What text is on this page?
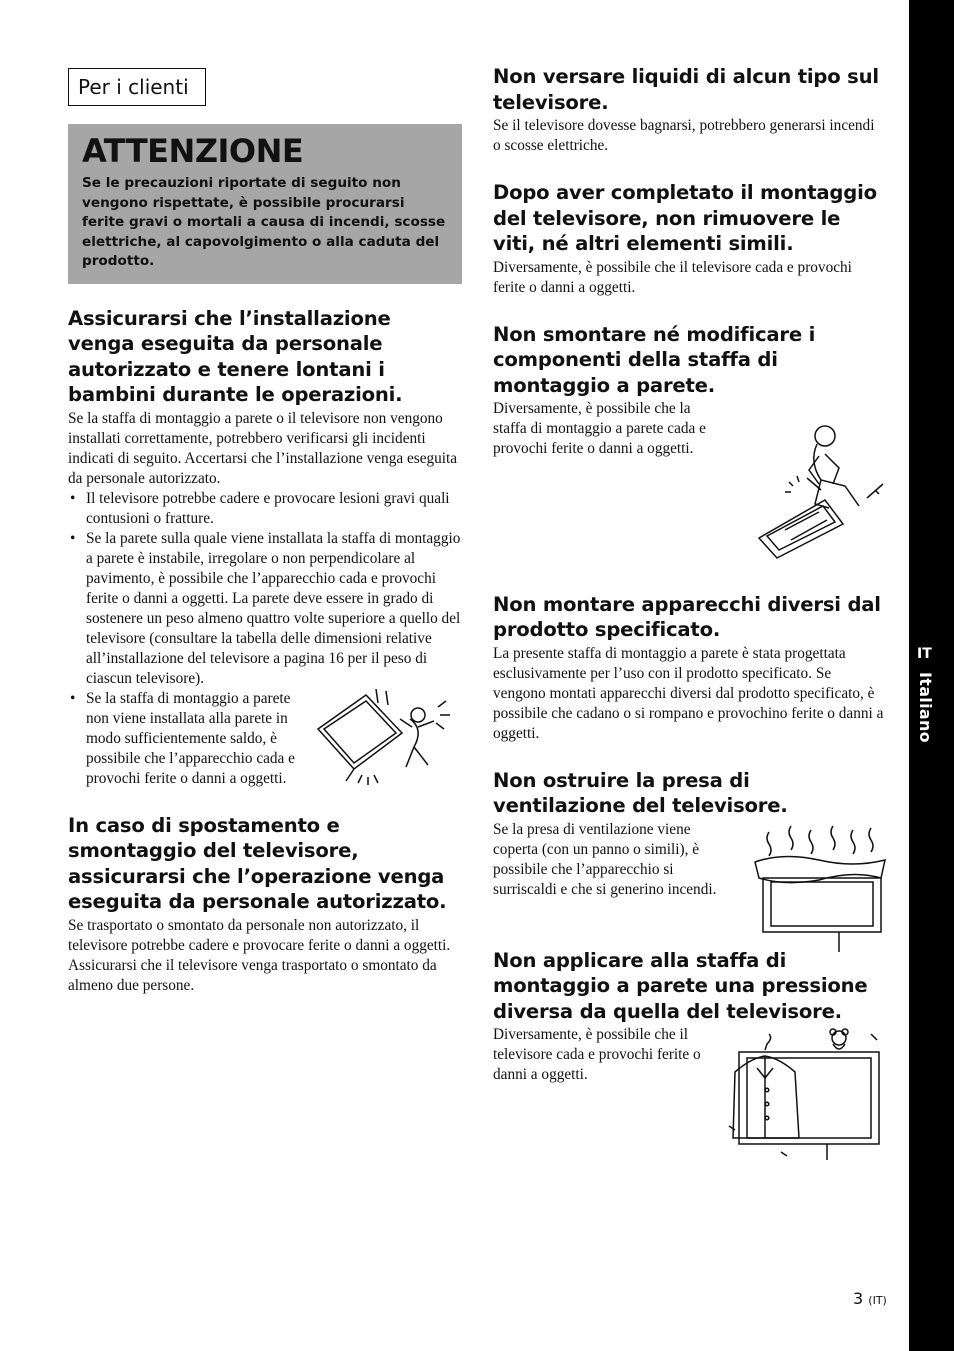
Per i clienti
ATTENZIONE

Se le precauzioni riportate di seguito non vengono rispettate, è possibile procurarsi ferite gravi o mortali a causa di incendi, scosse elettriche, al capovolgimento o alla caduta del prodotto.

Assicurarsi che l’installazione venga eseguita da personale autorizzato e tenere lontani i bambini durante le operazioni.

Se la staffa di montaggio a parete o il televisore non vengono installati correttamente, potrebbero verificarsi gli incidenti indicati di seguito. Accertarsi che l’installazione venga eseguita da personale autorizzato.

• Il televisore potrebbe cadere e provocare lesioni gravi quali contusioni o fratture.
• Se la parete sulla quale viene installata la staffa di montaggio a parete è instabile, irregolare o non perpendicolare al pavimento, è possibile che l’apparecchio cada e provochi ferite o danni a oggetti. La parete deve essere in grado di sostenere un peso almeno quattro volte superiore a quello del televisore (consultare la tabella delle dimensioni relative all’installazione del televisore a pagina 16 per il peso di ciascun televisore).
• Se la staffa di montaggio a parete non viene installata alla parete in modo sufficientemente saldo, è possibile che l’apparecchio cada e provochi ferite o danni a oggetti.
In caso di spostamento e smontaggio del televisore, assicurarsi che l’operazione venga eseguita da personale autorizzato.

Se trasportato o smontato da personale non autorizzato, il televisore potrebbe cadere e provocare ferite o danni a oggetti. Assicurarsi che il televisore venga trasportato o smontato da almeno due persone.

Non versare liquidi di alcun tipo sul televisore.

Se il televisore dovesse bagnarsi, potrebbero generarsi incendi o scosse elettriche.

Dopo aver completato il montaggio del televisore, non rimuovere le viti, né altri elementi simili.

Diversamente, è possibile che il televisore cada e provochi ferite o danni a oggetti.

Non smontare né modificare i componenti della staffa di montaggio a parete.

Diversamente, è possibile che la staffa di montaggio a parete cada e provochi ferite o danni a oggetti.

Non montare apparecchi diversi dal prodotto specificato.

La presente staffa di montaggio a parete è stata progettata esclusivamente per l’uso con il prodotto specificato. Se vengono montati apparecchi diversi dal prodotto specificato, è possibile che cadano o si rompano e provochino ferite o danni a oggetti.

Non ostruire la presa di ventilazione del televisore.

Se la presa di ventilazione viene coperta (con un panno o simili), è possibile che l’apparecchio si surriscaldi e che si generino incendi.

Non applicare alla staffa di montaggio a parete una pressione diversa da quella del televisore.

Diversamente, è possibile che il televisore cada e provochi ferite o danni a oggetti.

IT
Italiano
3 (IT)
